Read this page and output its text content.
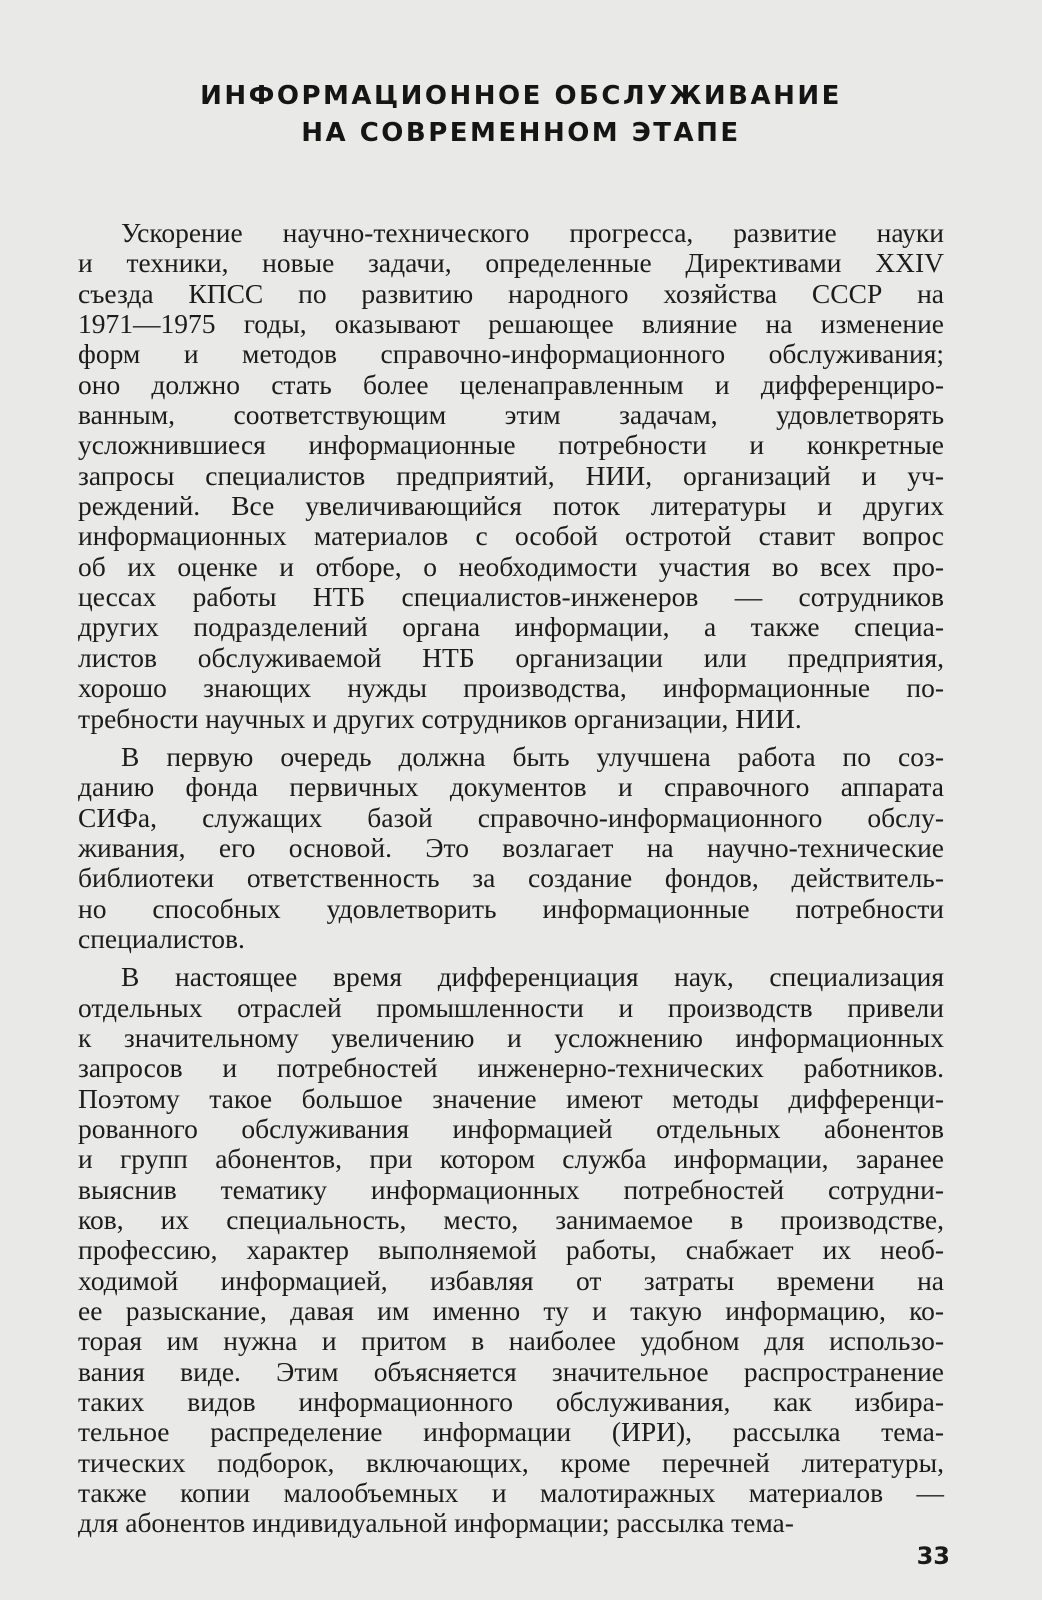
ИНФОРМАЦИОННОЕ ОБСЛУЖИВАНИЕ
НА СОВРЕМЕННОМ ЭТАПЕ
Ускорение научно-технического прогресса, развитие науки
и техники, новые задачи, определенные Директивами XXIV
съезда КПСС по развитию народного хозяйства СССР на
1971—1975 годы, оказывают решающее влияние на изменение
форм и методов справочно-информационного обслуживания;
оно должно стать более целенаправленным и дифференциро-
ванным, соответствующим этим задачам, удовлетворять
усложнившиеся информационные потребности и конкретные
запросы специалистов предприятий, НИИ, организаций и уч-
реждений. Все увеличивающийся поток литературы и других
информационных материалов с особой остротой ставит вопрос
об их оценке и отборе, о необходимости участия во всех про-
цессах работы НТБ специалистов-инженеров — сотрудников
других подразделений органа информации, а также специа-
листов обслуживаемой НТБ организации или предприятия,
хорошо знающих нужды производства, информационные по-
требности научных и других сотрудников организации, НИИ.
В первую очередь должна быть улучшена работа по соз-
данию фонда первичных документов и справочного аппарата
СИФа, служащих базой справочно-информационного обслу-
живания, его основой. Это возлагает на научно-технические
библиотеки ответственность за создание фондов, действитель-
но способных удовлетворить информационные потребности
специалистов.
В настоящее время дифференциация наук, специализация
отдельных отраслей промышленности и производств привели
к значительному увеличению и усложнению информационных
запросов и потребностей инженерно-технических работников.
Поэтому такое большое значение имеют методы дифференци-
рованного обслуживания информацией отдельных абонентов
и групп абонентов, при котором служба информации, заранее
выяснив тематику информационных потребностей сотрудни-
ков, их специальность, место, занимаемое в производстве,
профессию, характер выполняемой работы, снабжает их необ-
ходимой информацией, избавляя от затраты времени на
ее разыскание, давая им именно ту и такую информацию, ко-
торая им нужна и притом в наиболее удобном для использо-
вания виде. Этим объясняется значительное распространение
таких видов информационного обслуживания, как избира-
тельное распределение информации (ИРИ), рассылка тема-
тических подборок, включающих, кроме перечней литературы,
также копии малообъемных и малотиражных материалов —
для абонентов индивидуальной информации; рассылка тема-
33
